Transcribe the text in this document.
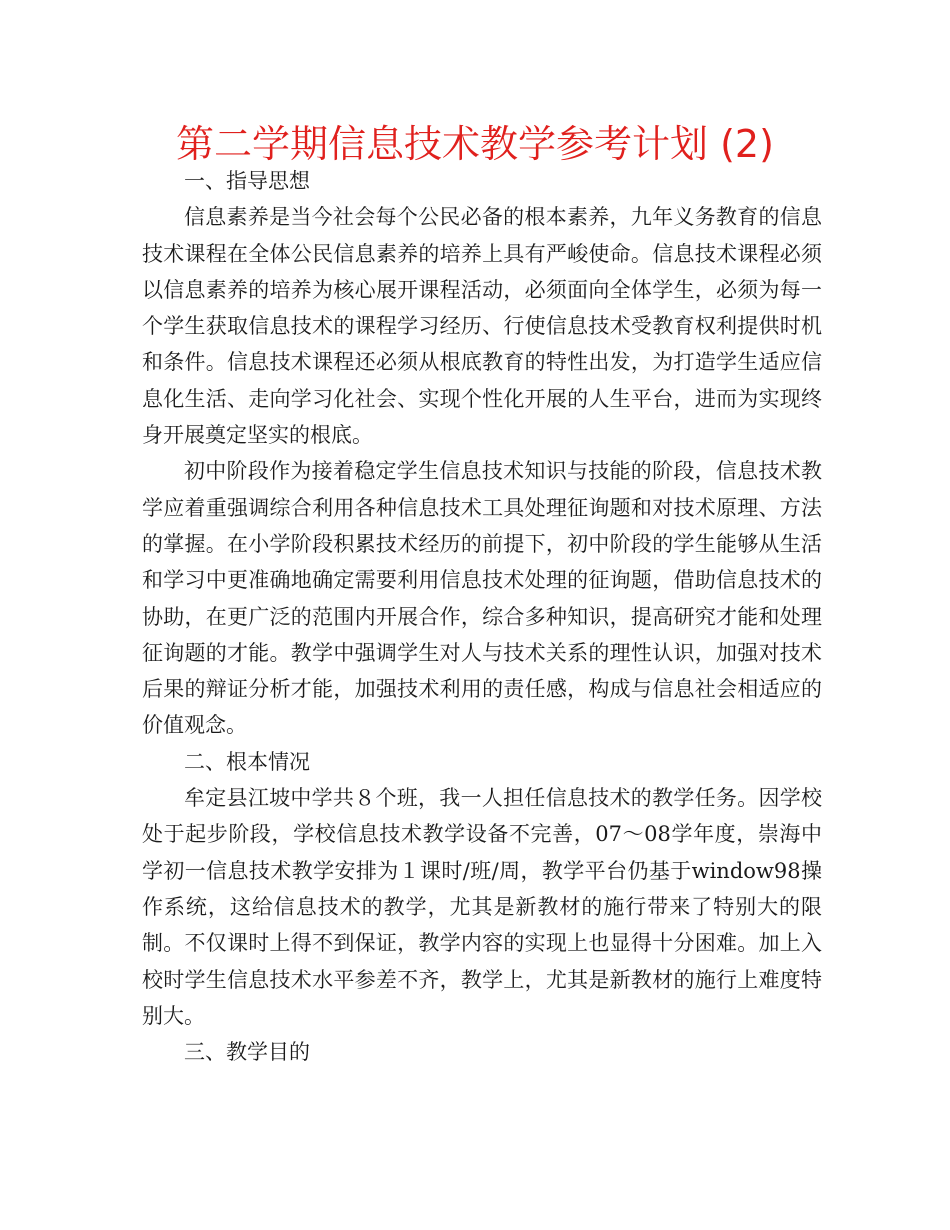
第二学期信息技术教学参考计划 (2)
一、指导思想

信息素养是当今社会每个公民必备的根本素养，九年义务教育的信息技术课程在全体公民信息素养的培养上具有严峻使命。信息技术课程必须以信息素养的培养为核心展开课程活动，必须面向全体学生，必须为每一个学生获取信息技术的课程学习经历、行使信息技术受教育权利提供时机和条件。信息技术课程还必须从根底教育的特性出发，为打造学生适应信息化生活、走向学习化社会、实现个性化开展的人生平台，进而为实现终身开展奠定坚实的根底。

初中阶段作为接着稳定学生信息技术知识与技能的阶段，信息技术教学应着重强调综合利用各种信息技术工具处理征询题和对技术原理、方法的掌握。在小学阶段积累技术经历的前提下，初中阶段的学生能够从生活和学习中更准确地确定需要利用信息技术处理的征询题，借助信息技术的协助，在更广泛的范围内开展合作，综合多种知识，提高研究才能和处理征询题的才能。教学中强调学生对人与技术关系的理性认识，加强对技术后果的辩证分析才能，加强技术利用的责任感，构成与信息社会相适应的价值观念。

二、根本情况

牟定县江坡中学共８个班，我一人担任信息技术的教学任务。因学校处于起步阶段，学校信息技术教学设备不完善，07～08学年度，崇海中学初一信息技术教学安排为１课时/班/周，教学平台仍基于window98操作系统，这给信息技术的教学，尤其是新教材的施行带来了特别大的限制。不仅课时上得不到保证，教学内容的实现上也显得十分困难。加上入校时学生信息技术水平参差不齐，教学上，尤其是新教材的施行上难度特别大。

三、教学目的
